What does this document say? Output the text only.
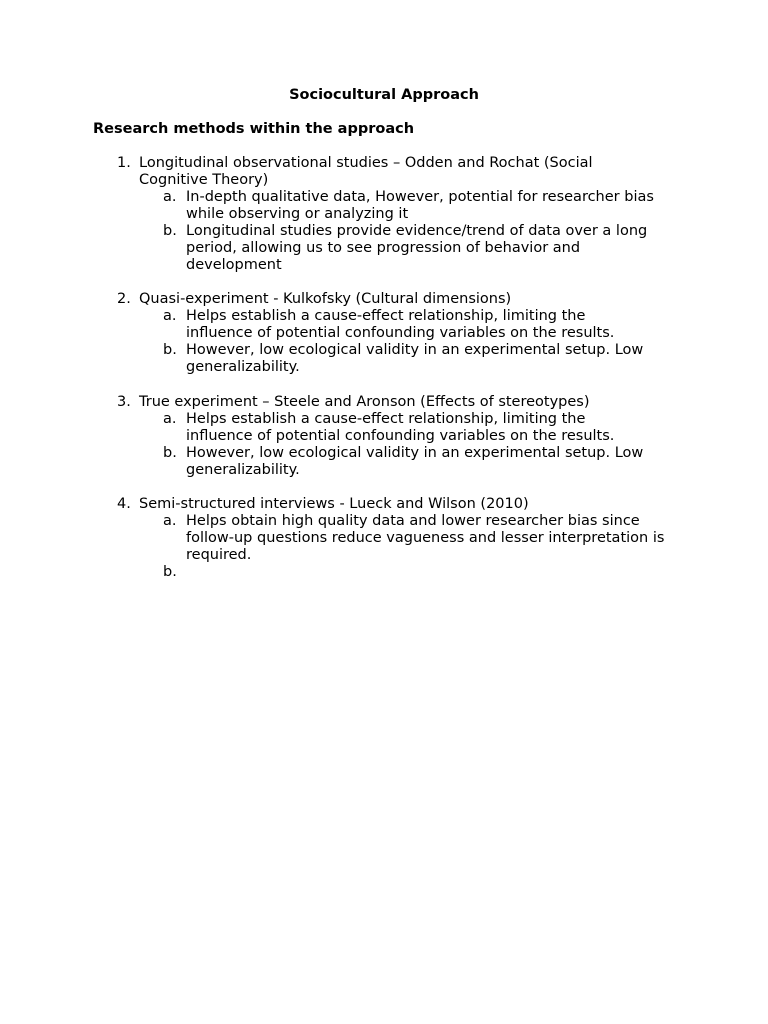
Sociocultural Approach
Research methods within the approach
1. Longitudinal observational studies – Odden and Rochat (Social Cognitive Theory)
a. In-depth qualitative data, However, potential for researcher bias while observing or analyzing it
b. Longitudinal studies provide evidence/trend of data over a long period, allowing us to see progression of behavior and development
2. Quasi-experiment - Kulkofsky (Cultural dimensions)
a. Helps establish a cause-effect relationship, limiting the influence of potential confounding variables on the results.
b. However, low ecological validity in an experimental setup. Low generalizability.
3. True experiment – Steele and Aronson (Effects of stereotypes)
a. Helps establish a cause-effect relationship, limiting the influence of potential confounding variables on the results.
b. However, low ecological validity in an experimental setup. Low generalizability.
4. Semi-structured interviews - Lueck and Wilson (2010)
a. Helps obtain high quality data and lower researcher bias since follow-up questions reduce vagueness and lesser interpretation is required.
b.
